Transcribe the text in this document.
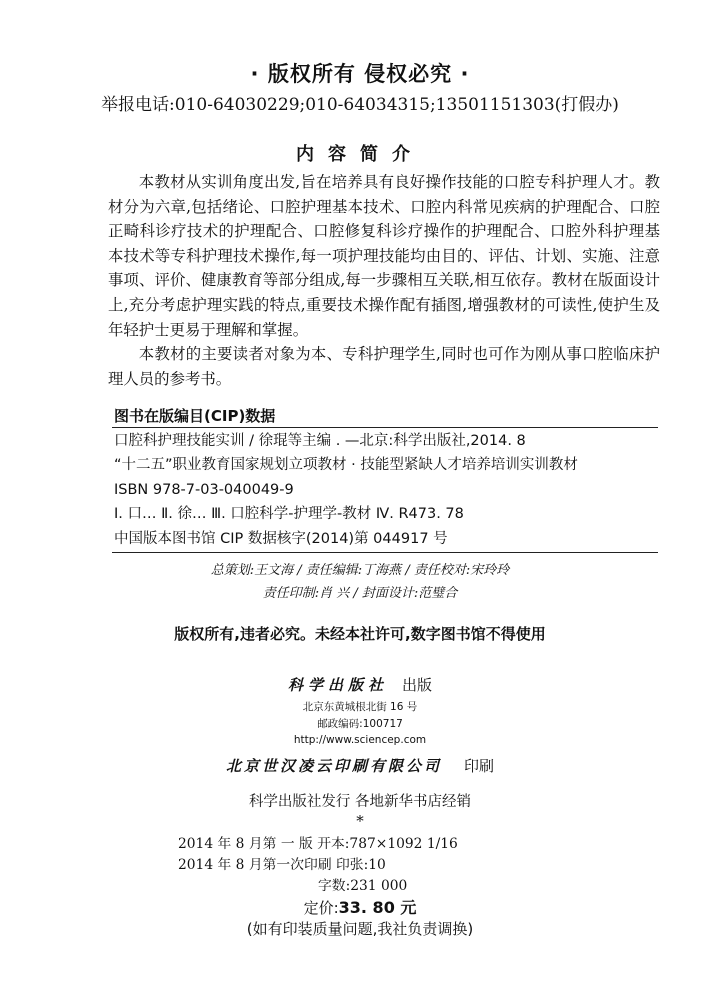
· 版权所有 侵权必究 ·
举报电话:010-64030229;010-64034315;13501151303(打假办)
内容简介

本教材从实训角度出发,旨在培养具有良好操作技能的口腔专科护理人才。教材分为六章,包括绪论、口腔护理基本技术、口腔内科常见疾病的护理配合、口腔正畸科诊疗技术的护理配合、口腔修复科诊疗操作的护理配合、口腔外科护理基本技术等专科护理技术操作,每一项护理技能均由目的、评估、计划、实施、注意事项、评价、健康教育等部分组成,每一步骤相互关联,相互依存。教材在版面设计上,充分考虑护理实践的特点,重要技术操作配有插图,增强教材的可读性,使护生及年轻护士更易于理解和掌握。

本教材的主要读者对象为本、专科护理学生,同时也可作为刚从事口腔临床护理人员的参考书。

图书在版编目(CIP)数据
口腔科护理技能实训 / 徐琨等主编 . —北京:科学出版社,2014. 8
“十二五”职业教育国家规划立项教材 · 技能型紧缺人才培养培训实训教材
ISBN 978-7-03-040049-9
Ⅰ. 口… Ⅱ. 徐… Ⅲ. 口腔科学-护理学-教材 Ⅳ. R473. 78
中国版本图书馆 CIP 数据核字(2014)第 044917 号
总策划:王文海 / 责任编辑:丁海燕 / 责任校对:宋玲玲
责任印制:肖 兴 / 封面设计:范璧合
版权所有,违者必究。未经本社许可,数字图书馆不得使用
科学出版社 出版
北京东黄城根北街 16 号
邮政编码:100717
http://www.sciencep.com
北京世汉凌云印刷有限公司 印刷
科学出版社发行 各地新华书店经销
*
2014 年 8 月第 一 版 开本:787×1092 1/16
2014 年 8 月第一次印刷 印张:10
字数:231 000
定价:33. 80 元
(如有印装质量问题,我社负责调换)
